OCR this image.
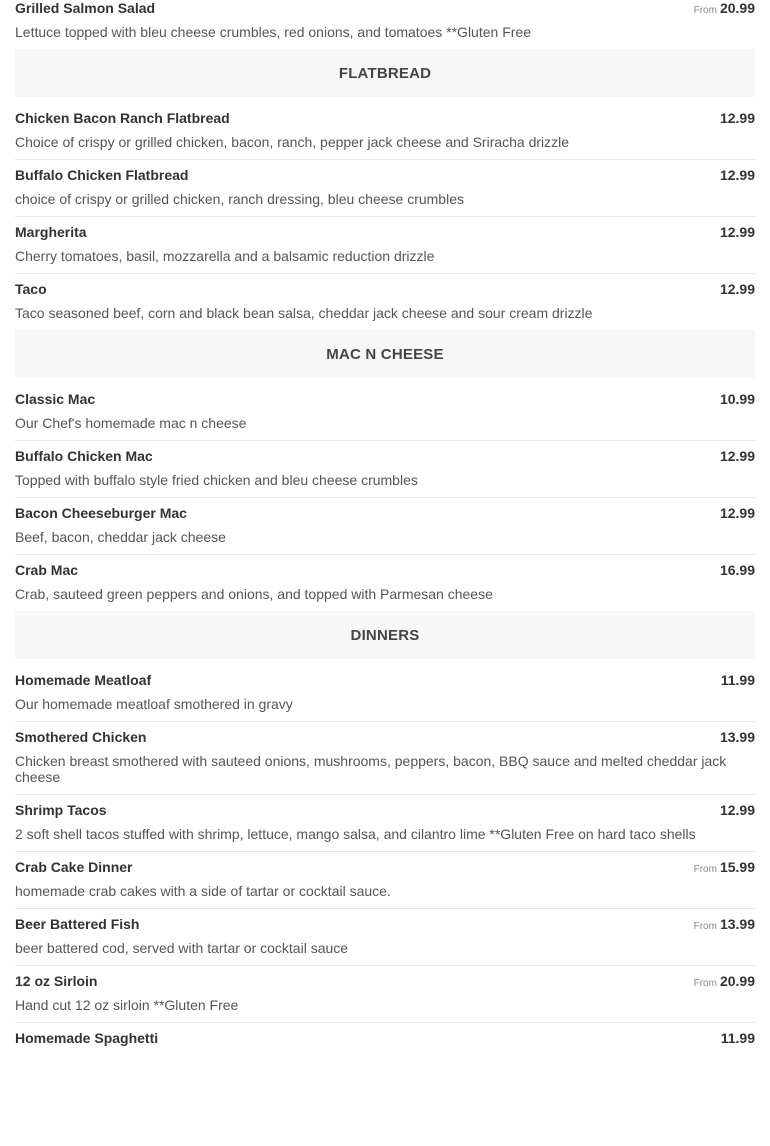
Grilled Salmon Salad	From 20.99
Lettuce topped with bleu cheese crumbles, red onions, and tomatoes **Gluten Free
FLATBREAD
Chicken Bacon Ranch Flatbread	12.99
Choice of crispy or grilled chicken, bacon, ranch, pepper jack cheese and Sriracha drizzle
Buffalo Chicken Flatbread	12.99
choice of crispy or grilled chicken, ranch dressing, bleu cheese crumbles
Margherita	12.99
Cherry tomatoes, basil, mozzarella and a balsamic reduction drizzle
Taco	12.99
Taco seasoned beef, corn and black bean salsa, cheddar jack cheese and sour cream drizzle
MAC N CHEESE
Classic Mac	10.99
Our Chef's homemade mac n cheese
Buffalo Chicken Mac	12.99
Topped with buffalo style fried chicken and bleu cheese crumbles
Bacon Cheeseburger Mac	12.99
Beef, bacon, cheddar jack cheese
Crab Mac	16.99
Crab, sauteed green peppers and onions, and topped with Parmesan cheese
DINNERS
Homemade Meatloaf	11.99
Our homemade meatloaf smothered in gravy
Smothered Chicken	13.99
Chicken breast smothered with sauteed onions, mushrooms, peppers, bacon, BBQ sauce and melted cheddar jack cheese
Shrimp Tacos	12.99
2 soft shell tacos stuffed with shrimp, lettuce, mango salsa, and cilantro lime **Gluten Free on hard taco shells
Crab Cake Dinner	From 15.99
homemade crab cakes with a side of tartar or cocktail sauce.
Beer Battered Fish	From 13.99
beer battered cod, served with tartar or cocktail sauce
12 oz Sirloin	From 20.99
Hand cut 12 oz sirloin **Gluten Free
Homemade Spaghetti	11.99
